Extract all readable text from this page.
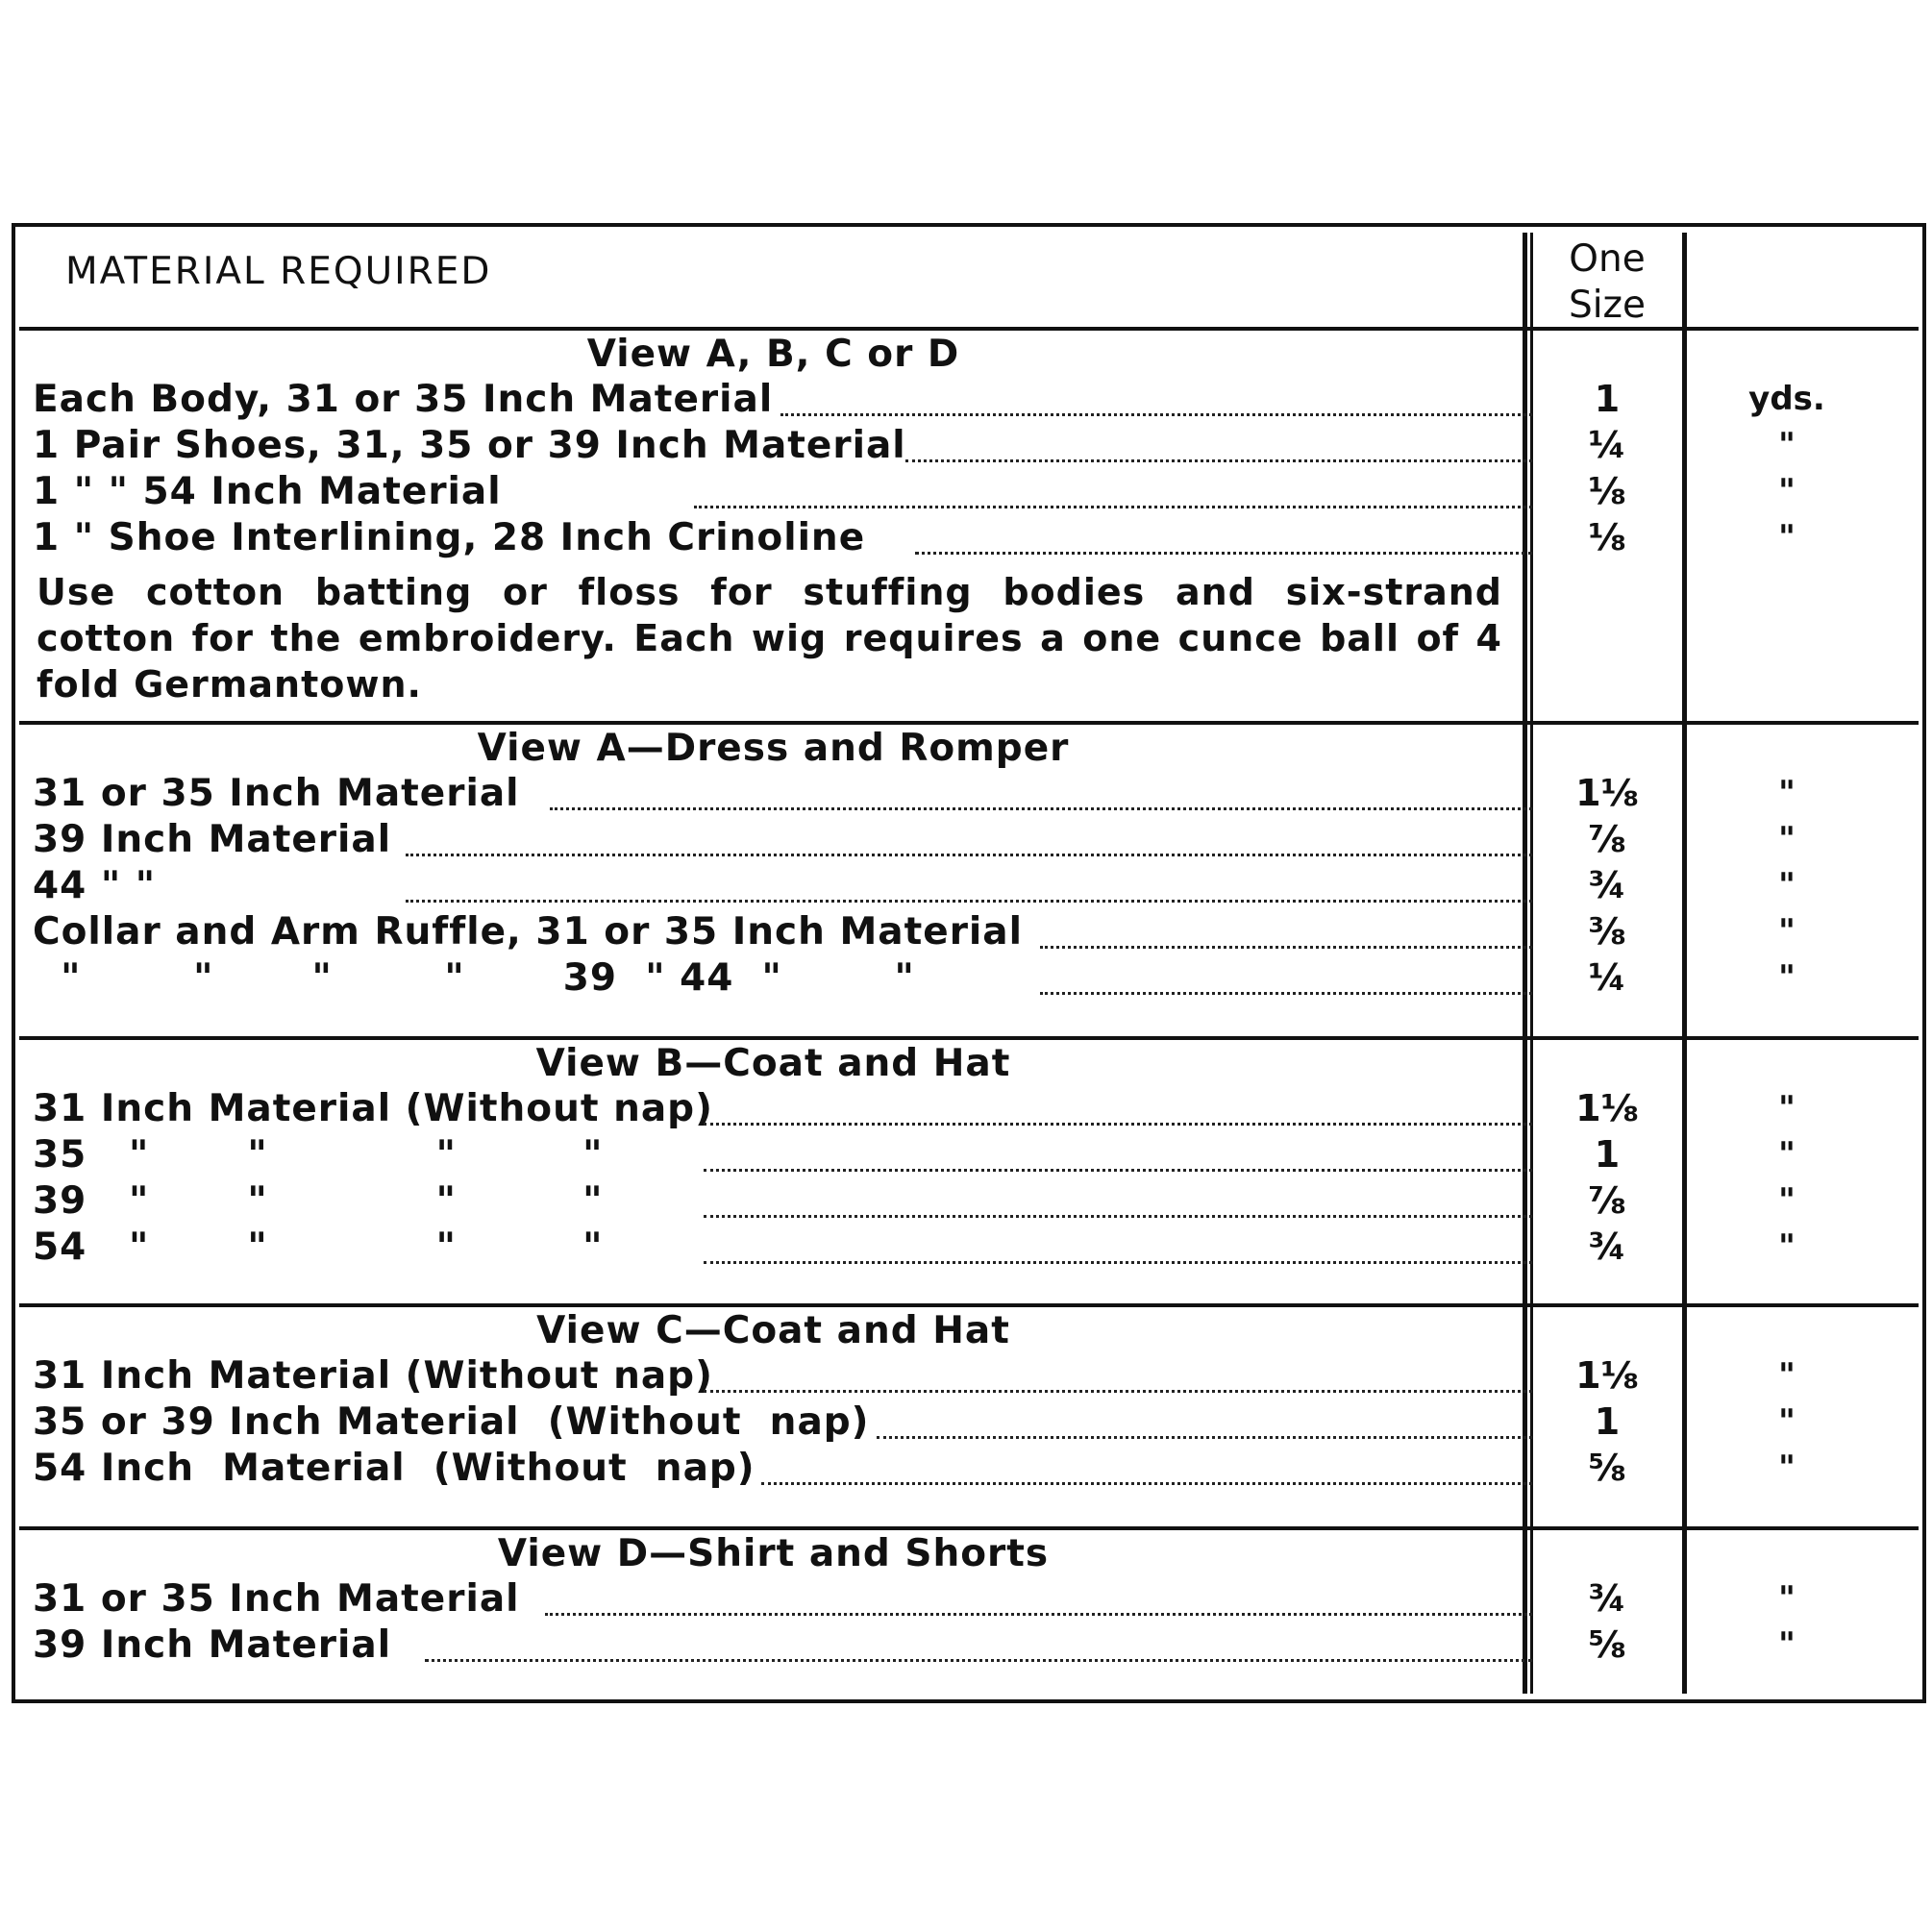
MATERIAL REQUIRED	One
Size
View A, B, C or D
Each Body, 31 or 35 Inch Material	1	yds.
1 Pair Shoes, 31, 35 or 39 Inch Material	¼	"
1 " " 54 Inch Material	⅛	"
1 " Shoe Interlining, 28 Inch Crinoline	⅛	"
Use cotton batting or floss for stuffing bodies and six-strand cotton for the embroidery. Each wig requires a one cunce ball of 4 fold Germantown.
View A—Dress and Romper
31 or 35 Inch Material	1⅛	"
39 Inch Material	⅞	"
44 " "	¾	"
Collar and Arm Ruffle, 31 or 35 Inch Material	⅜	"
"        "       "        "       39  " 44  "        "	¼	"
View B—Coat and Hat
31 Inch Material (Without nap)	1⅛	"
35   "       "            "         "	1	"
39   "       "            "         "	⅞	"
54   "       "            "         "	¾	"
View C—Coat and Hat
31 Inch Material (Without nap)	1⅛	"
35 or 39 Inch Material  (Without  nap)	1	"
54 Inch  Material  (Without  nap)	⅝	"
View D—Shirt and Shorts
31 or 35 Inch Material	¾	"
39 Inch Material	⅝	"
